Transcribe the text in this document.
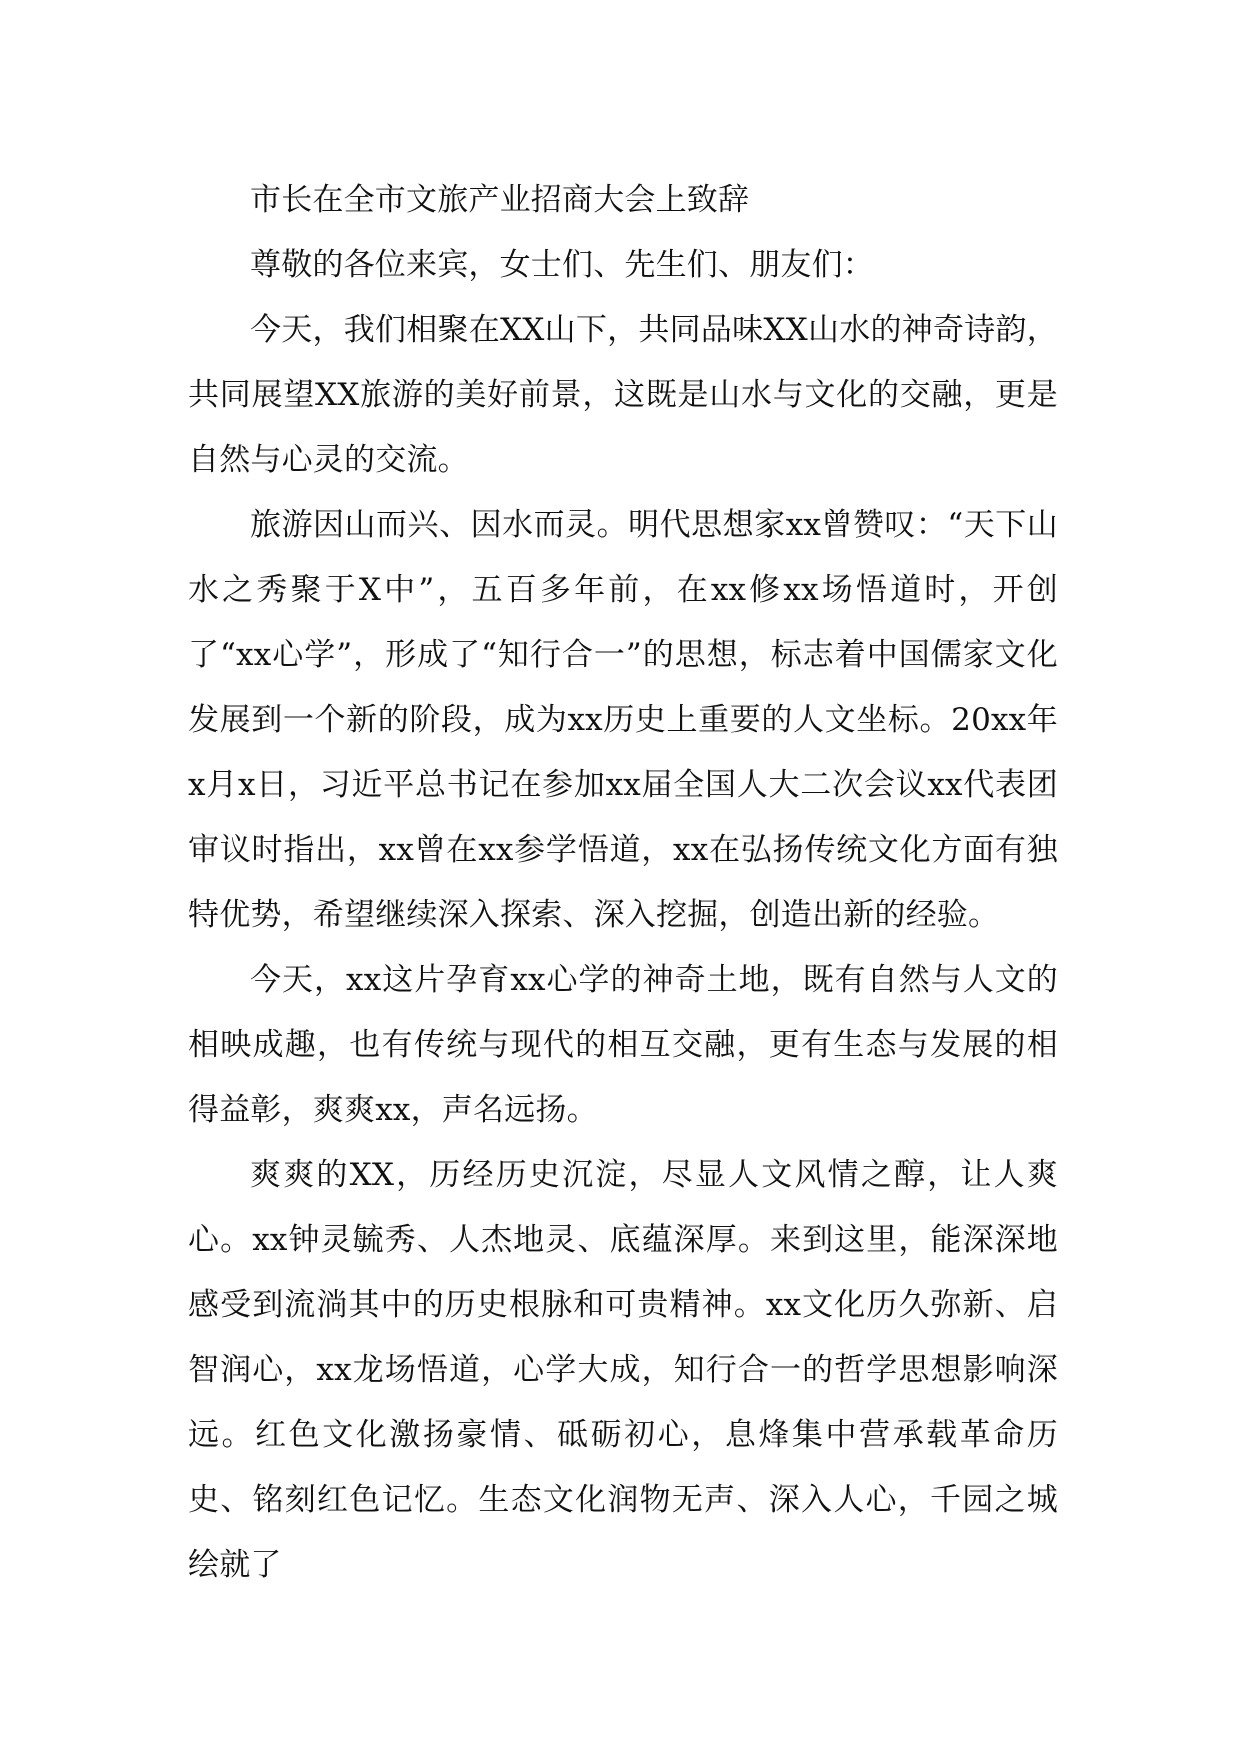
市长在全市文旅产业招商大会上致辞

尊敬的各位来宾，女士们、先生们、朋友们：

今天，我们相聚在XX山下，共同品味XX山水的神奇诗韵，共同展望XX旅游的美好前景，这既是山水与文化的交融，更是自然与心灵的交流。

旅游因山而兴、因水而灵。明代思想家xx曾赞叹：“天下山水之秀聚于X中”，五百多年前，在xx修xx场悟道时，开创了“xx心学”，形成了“知行合一”的思想，标志着中国儒家文化发展到一个新的阶段，成为xx历史上重要的人文坐标。20xx年x月x日，习近平总书记在参加xx届全国人大二次会议xx代表团审议时指出，xx曾在xx参学悟道，xx在弘扬传统文化方面有独特优势，希望继续深入探索、深入挖掘，创造出新的经验。

今天，xx这片孕育xx心学的神奇土地，既有自然与人文的相映成趣，也有传统与现代的相互交融，更有生态与发展的相得益彰，爽爽xx，声名远扬。

爽爽的XX，历经历史沉淀，尽显人文风情之醇，让人爽心。xx钟灵毓秀、人杰地灵、底蕴深厚。来到这里，能深深地感受到流淌其中的历史根脉和可贵精神。xx文化历久弥新、启智润心，xx龙场悟道，心学大成，知行合一的哲学思想影响深远。红色文化激扬豪情、砥砺初心，息烽集中营承载革命历史、铭刻红色记忆。生态文化润物无声、深入人心，千园之城绘就了
